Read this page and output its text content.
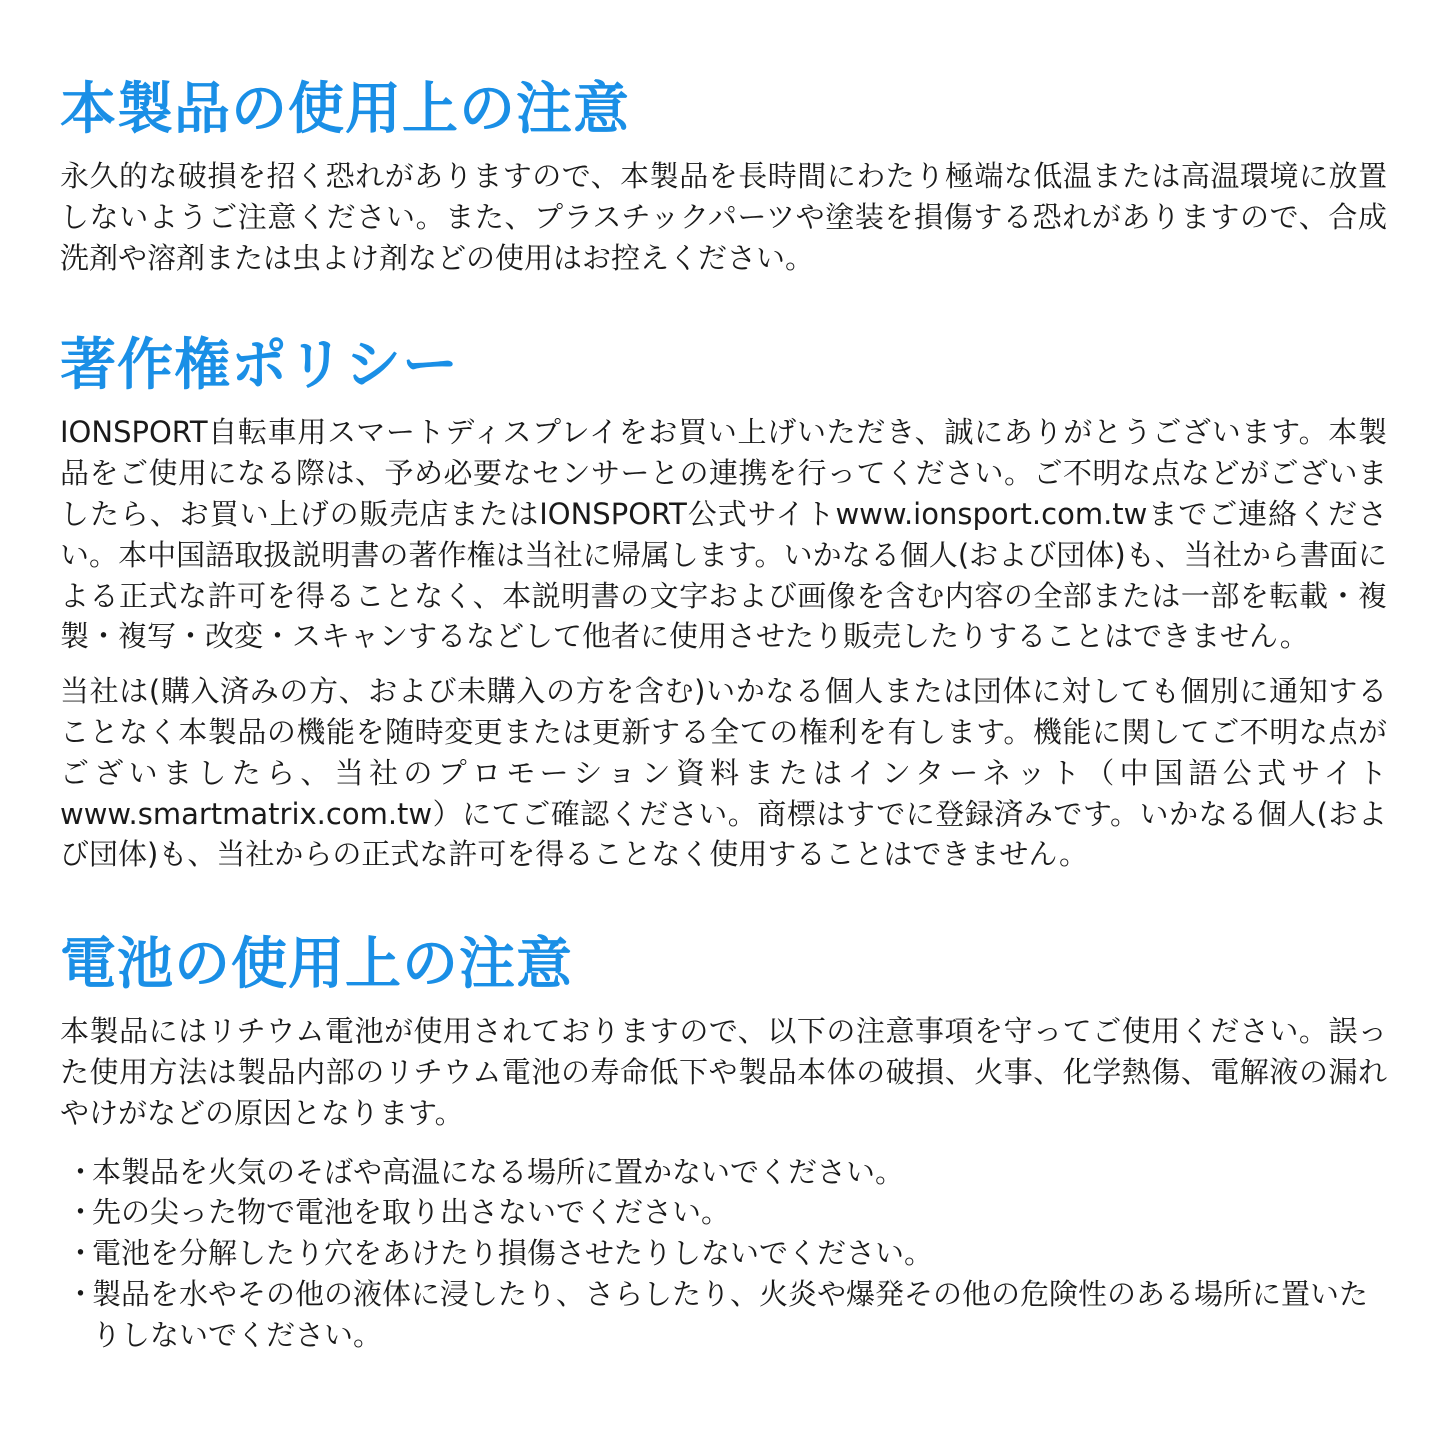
本製品の使用上の注意

永久的な破損を招く恐れがありますので、本製品を長時間にわたり極端な低温または高温環境に放置しないようご注意ください。また、プラスチックパーツや塗装を損傷する恐れがありますので、合成洗剤や溶剤または虫よけ剤などの使用はお控えください。

著作権ポリシー

IONSPORT自転車用スマートディスプレイをお買い上げいただき、誠にありがとうございます。本製品をご使用になる際は、予め必要なセンサーとの連携を行ってください。ご不明な点などがございましたら、お買い上げの販売店またはIONSPORT公式サイトwww.ionsport.com.twまでご連絡ください。本中国語取扱説明書の著作権は当社に帰属します。いかなる個人(および団体)も、当社から書面による正式な許可を得ることなく、本説明書の文字および画像を含む内容の全部または一部を転載・複製・複写・改変・スキャンするなどして他者に使用させたり販売したりすることはできません。

当社は(購入済みの方、および未購入の方を含む)いかなる個人または団体に対しても個別に通知することなく本製品の機能を随時変更または更新する全ての権利を有します。機能に関してご不明な点がございましたら、当社のプロモーション資料またはインターネット（中国語公式サイトwww.smartmatrix.com.tw）にてご確認ください。商標はすでに登録済みです。いかなる個人(および団体)も、当社からの正式な許可を得ることなく使用することはできません。

電池の使用上の注意

本製品にはリチウム電池が使用されておりますので、以下の注意事項を守ってご使用ください。誤った使用方法は製品内部のリチウム電池の寿命低下や製品本体の破損、火事、化学熱傷、電解液の漏れやけがなどの原因となります。

・
本製品を火気のそばや高温になる場所に置かないでください。
・
先の尖った物で電池を取り出さないでください。
・
電池を分解したり穴をあけたり損傷させたりしないでください。
・
製品を水やその他の液体に浸したり、さらしたり、火炎や爆発その他の危険性のある場所に置いたりしないでください。
